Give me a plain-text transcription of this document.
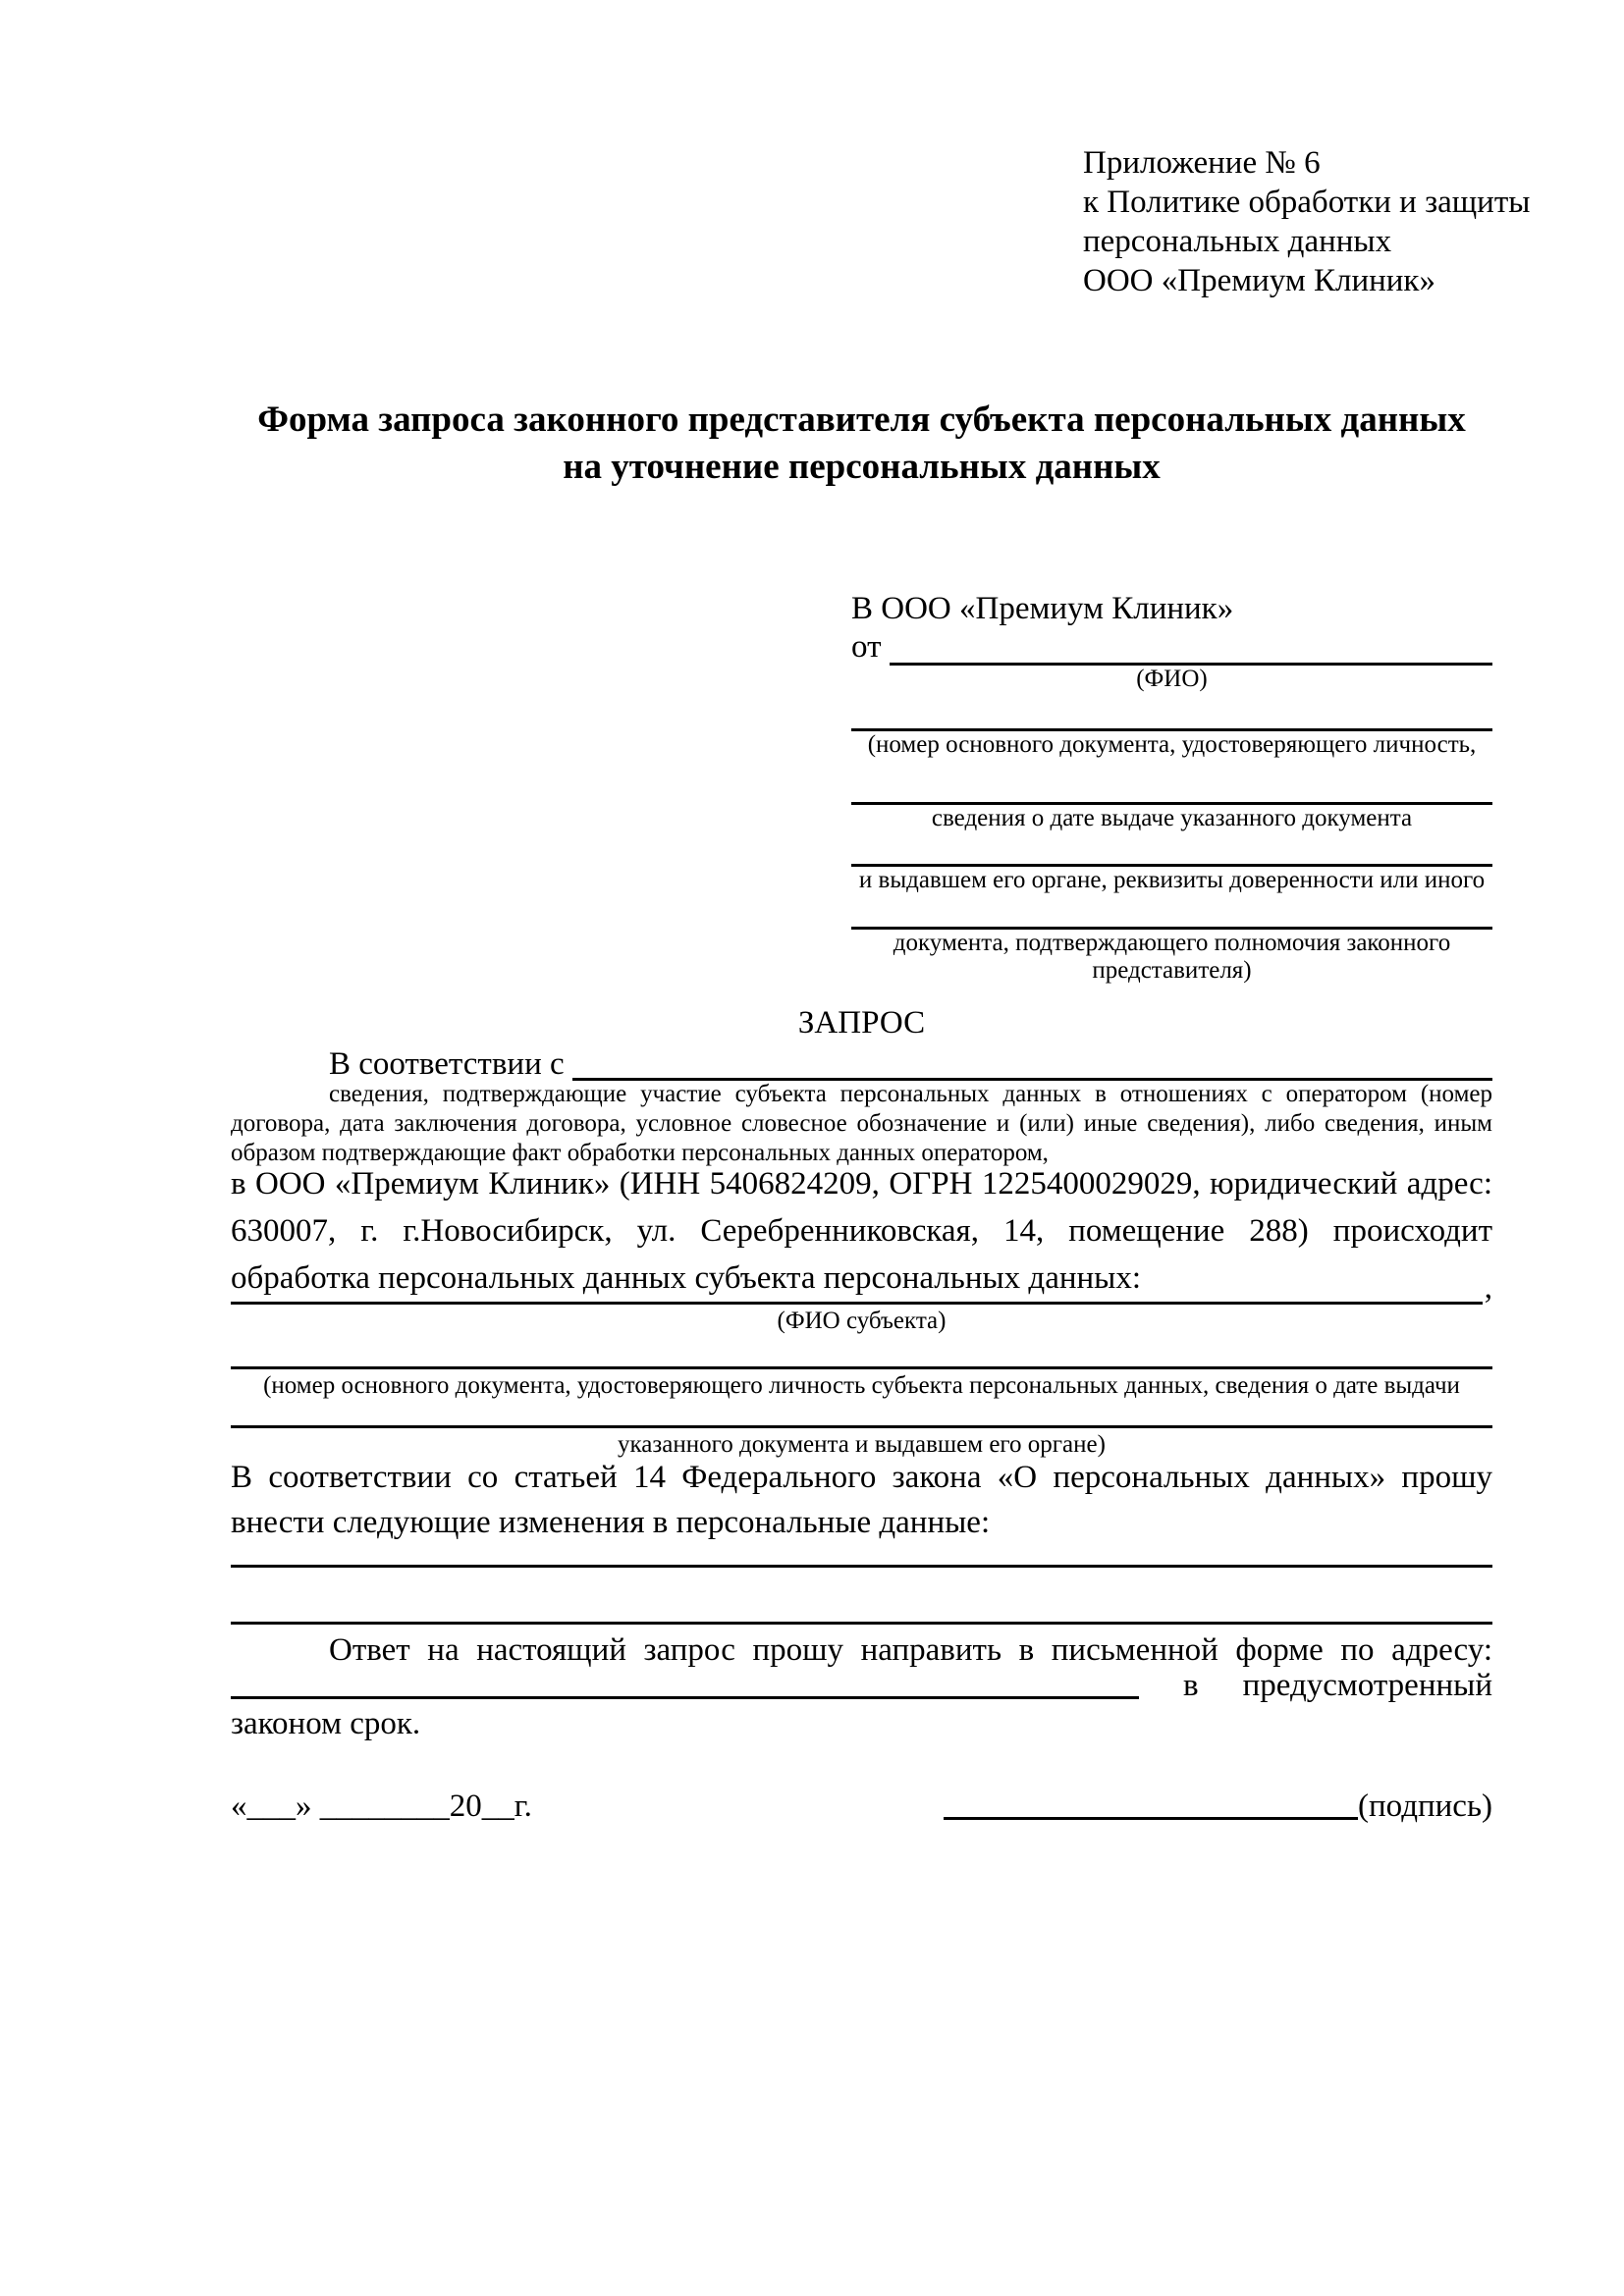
Приложение № 6
к Политике обработки и защиты
персональных данных
ООО «Премиум Клиник»
Форма запроса законного представителя субъекта персональных данных
на уточнение персональных данных
В ООО «Премиум Клиник»
от
(ФИО)
(номер основного документа, удостоверяющего личность,
сведения о дате выдаче указанного документа
и выдавшем его органе, реквизиты доверенности или иного
документа, подтверждающего полномочия законного представителя)
ЗАПРОС
В соответствии с
сведения, подтверждающие участие субъекта персональных данных в отношениях с оператором (номер договора, дата заключения договора, условное словесное обозначение и (или) иные сведения), либо сведения, иным образом подтверждающие факт обработки персональных данных оператором,
в ООО «Премиум Клиник» (ИНН 5406824209, ОГРН 1225400029029, юридический адрес: 630007, г. г.Новосибирск, ул. Серебренниковская, 14, помещение 288) происходит обработка персональных данных субъекта персональных данных:	,
(ФИО субъекта)
(номер основного документа, удостоверяющего личность субъекта персональных данных, сведения о дате выдачи
указанного документа и выдавшем его органе)
В соответствии со статьей 14 Федерального закона «О персональных данных» прошу внести следующие изменения в персональные данные:
Ответ на настоящий запрос прошу направить в письменной форме по адресу:
в предусмотренный
законом срок.
«___» ________20__г.	(подпись)
